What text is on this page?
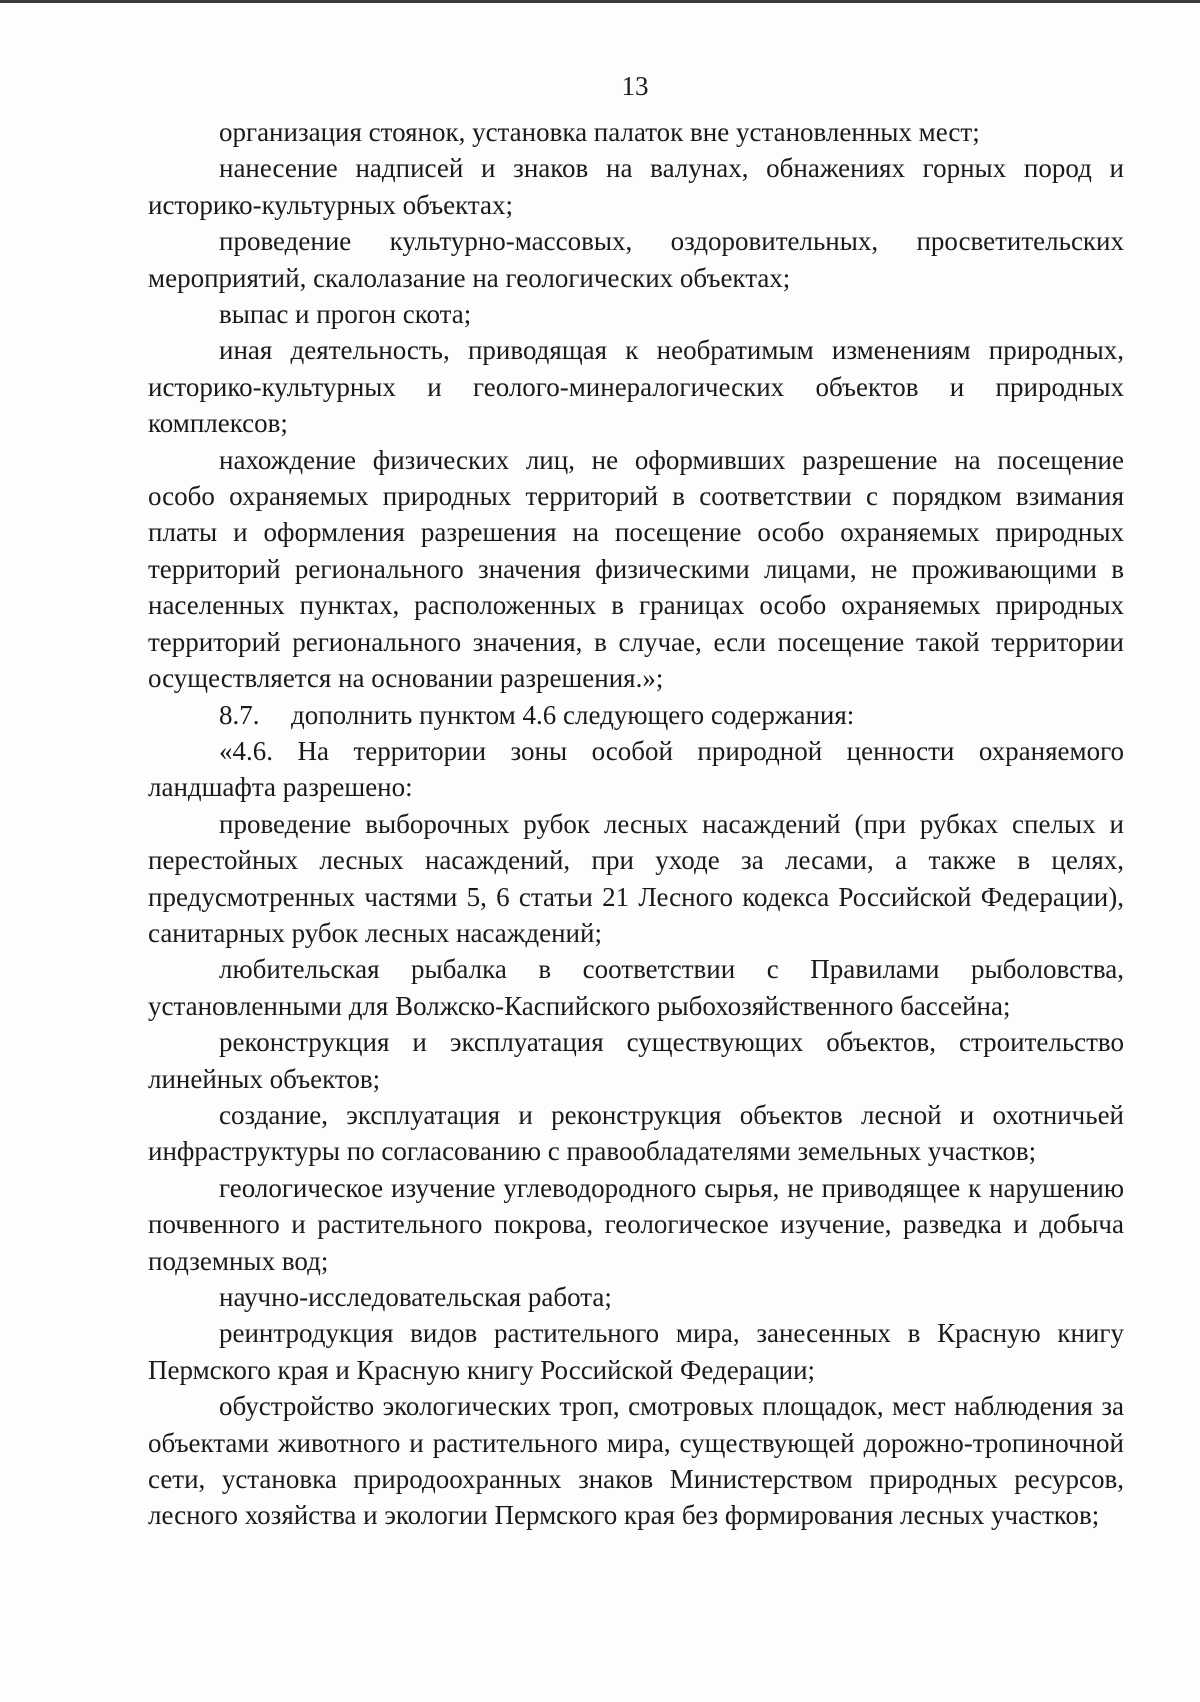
13

организация стоянок, установка палаток вне установленных мест;

нанесение надписей и знаков на валунах, обнажениях горных пород и историко-культурных объектах;

проведение культурно-массовых, оздоровительных, просветительских мероприятий, скалолазание на геологических объектах;

выпас и прогон скота;

иная деятельность, приводящая к необратимым изменениям природных, историко-культурных и геолого-минералогических объектов и природных комплексов;

нахождение физических лиц, не оформивших разрешение на посещение особо охраняемых природных территорий в соответствии с порядком взимания платы и оформления разрешения на посещение особо охраняемых природных территорий регионального значения физическими лицами, не проживающими в населенных пунктах, расположенных в границах особо охраняемых природных территорий регионального значения, в случае, если посещение такой территории осуществляется на основании разрешения.»;

8.7. дополнить пунктом 4.6 следующего содержания:

«4.6. На территории зоны особой природной ценности охраняемого ландшафта разрешено:

проведение выборочных рубок лесных насаждений (при рубках спелых и перестойных лесных насаждений, при уходе за лесами, а также в целях, предусмотренных частями 5, 6 статьи 21 Лесного кодекса Российской Федерации), санитарных рубок лесных насаждений;

любительская рыбалка в соответствии с Правилами рыболовства, установленными для Волжско-Каспийского рыбохозяйственного бассейна;

реконструкция и эксплуатация существующих объектов, строительство линейных объектов;

создание, эксплуатация и реконструкция объектов лесной и охотничьей инфраструктуры по согласованию с правообладателями земельных участков;

геологическое изучение углеводородного сырья, не приводящее к нарушению почвенного и растительного покрова, геологическое изучение, разведка и добыча подземных вод;

научно-исследовательская работа;

реинтродукция видов растительного мира, занесенных в Красную книгу Пермского края и Красную книгу Российской Федерации;

обустройство экологических троп, смотровых площадок, мест наблюдения за объектами животного и растительного мира, существующей дорожно-тропиночной сети, установка природоохранных знаков Министерством природных ресурсов, лесного хозяйства и экологии Пермского края без формирования лесных участков;
